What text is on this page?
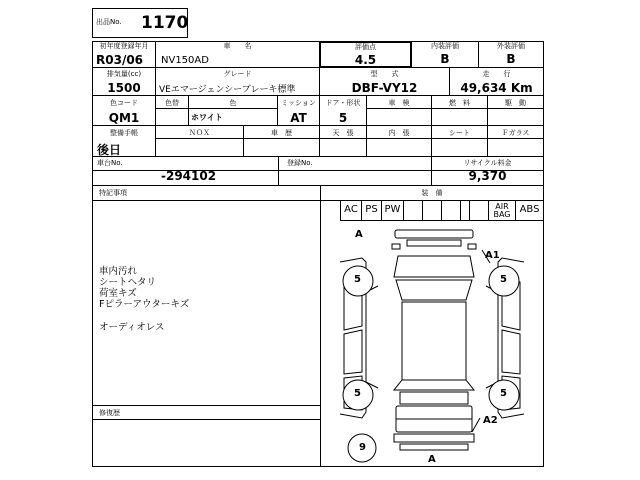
出品No. 1170
初年度登録年月
R03/06
車　　名
NV150AD
評価点
4.5
内装評価
B
外装評価
B
排気量(cc)
1500
グレード
VEエマージェンシーブレーキ標準
型　　式
DBF-VY12
走　　行
49,634 Km
色コード
QM1
色替	色
ホワイト
ミッション
AT
ドア・形状
5
車　検	燃　料	駆　動
整備手帳
後日
ＮＯＸ	車　歴	天　張	内　張	シート	Ｆガラス
車台No.
-294102
登録No.	リサイクル料金
9,370
特記事項
車内汚れ
シートヘタリ
荷室キズ
Fピラーアウターキズ
オーディオレス
修復歴
装　備
AC PS PW	AIR BAG ABS
A
A1
A2
A
5	5
5	5
9
